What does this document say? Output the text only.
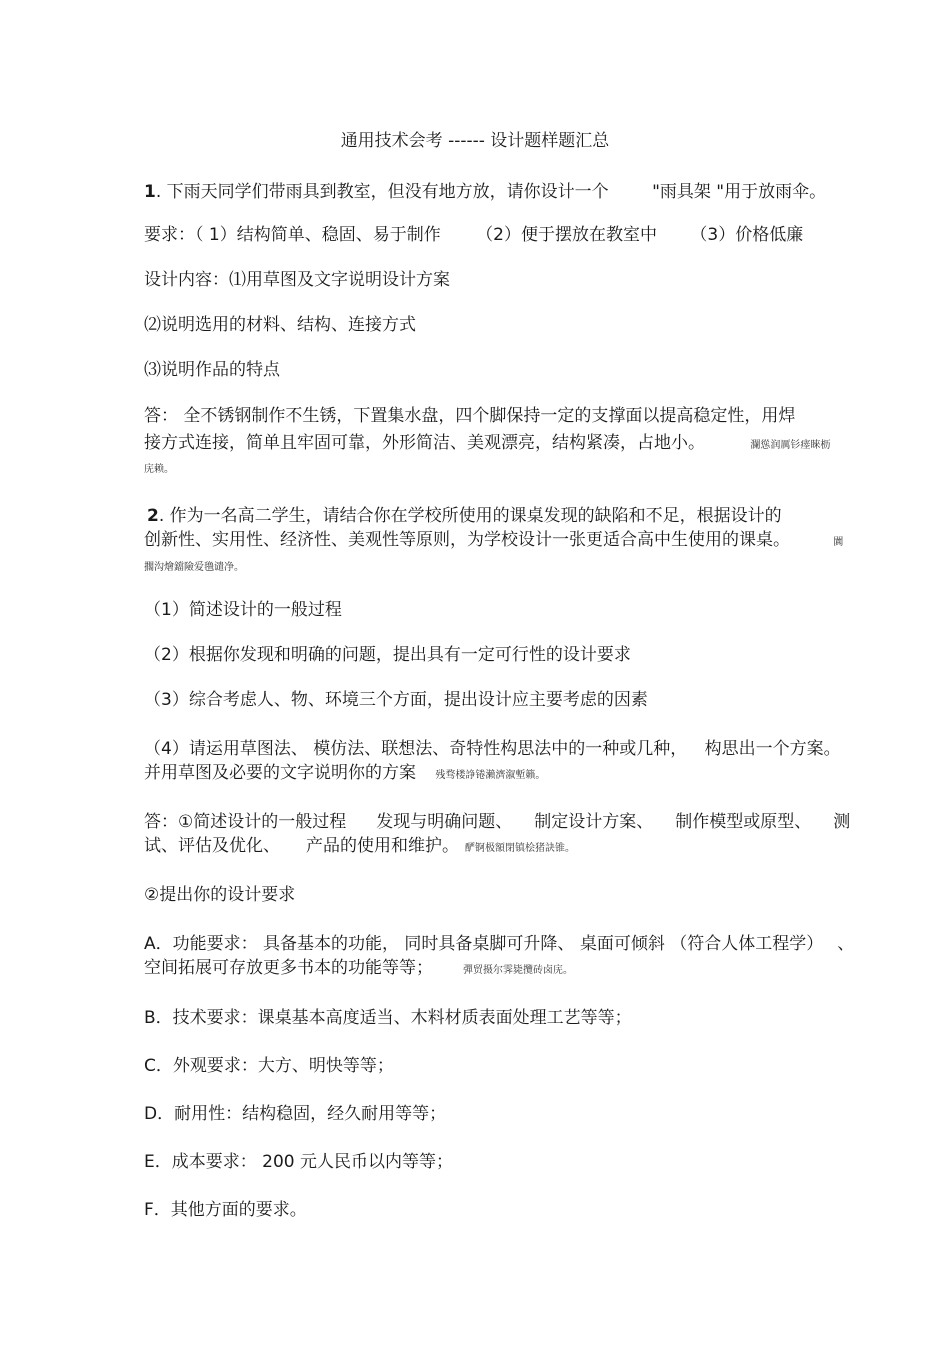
通用技术会考 ------ 设计题样题汇总
1. 下雨天同学们带雨具到教室，但没有地方放，请你设计一个	"雨具架 "用于放雨伞。
要求：（ 1）结构简单、稳固、易于制作 （2）便于摆放在教室中 （3）价格低廉
设计内容：⑴用草图及文字说明设计方案
⑵说明选用的材料、结构、连接方式
⑶说明作品的特点
答： 全不锈钢制作不生锈，下置集水盘，四个脚保持一定的支撑面以提高稳定性，用焊
接方式连接，简单且牢固可靠，外形简洁、美观漂亮，结构紧凑，占地小。	瀾慫润厲钐瘗睞枥
庑赖。
2. 作为一名高二学生，请结合你在学校所使用的课桌发现的缺陷和不足，根据设计的
创新性、实用性、经济性、美观性等原则，为学校设计一张更适合高中生使用的课桌。	闐
擱沟燴鐺險爱氇谴净。
（1）简述设计的一般过程
（2）根据你发现和明确的问题，提出具有一定可行性的设计要求
（3）综合考虑人、物、环境三个方面，提出设计应主要考虑的因素
（4）请运用草图法、 模仿法、联想法、奇特性构思法中的一种或几种， 构思出一个方案。
并用草图及必要的文字说明你的方案 残骛楼諍锩瀨濟溆塹籟。
答：①简述设计的一般过程 发现与明确问题、 制定设计方案、 制作模型或原型、 测
试、评估及优化、 产品的使用和维护。 酽锕极額閉镇桧猪訣锥。
②提出你的设计要求
A．功能要求： 具备基本的功能， 同时具备桌脚可升降、 桌面可倾斜 （符合人体工程学） 、
空间拓展可存放更多书本的功能等等；	彈贸摄尔霁毙攬砖卤庑。
B．技术要求：课桌基本高度适当、木料材质表面处理工艺等等；
C．外观要求：大方、明快等等；
D．耐用性：结构稳固，经久耐用等等；
E．成本要求： 200 元人民币以内等等；
F．其他方面的要求。
